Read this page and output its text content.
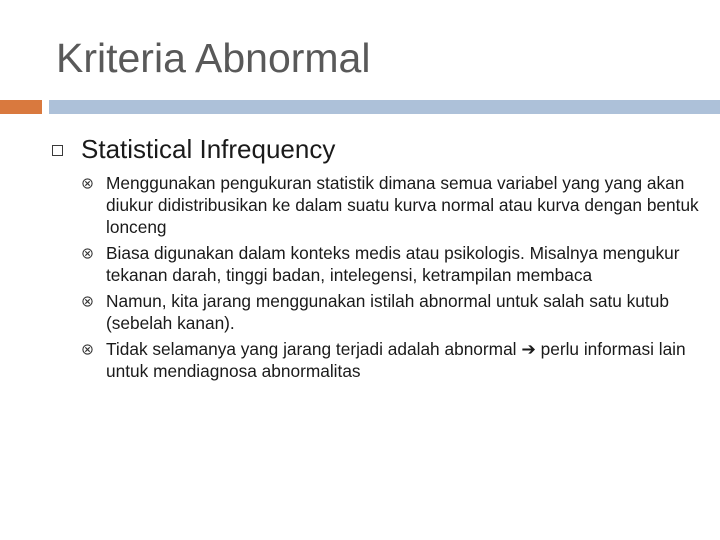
Kriteria Abnormal
Statistical Infrequency
Menggunakan pengukuran statistik dimana semua variabel yang yang akan diukur didistribusikan ke dalam suatu kurva normal atau kurva dengan bentuk lonceng
Biasa digunakan dalam konteks medis atau psikologis. Misalnya mengukur tekanan darah, tinggi badan, intelegensi, ketrampilan membaca
Namun, kita jarang menggunakan istilah abnormal untuk salah satu kutub (sebelah kanan).
Tidak selamanya yang jarang terjadi adalah abnormal ➔ perlu informasi lain untuk mendiagnosa abnormalitas
